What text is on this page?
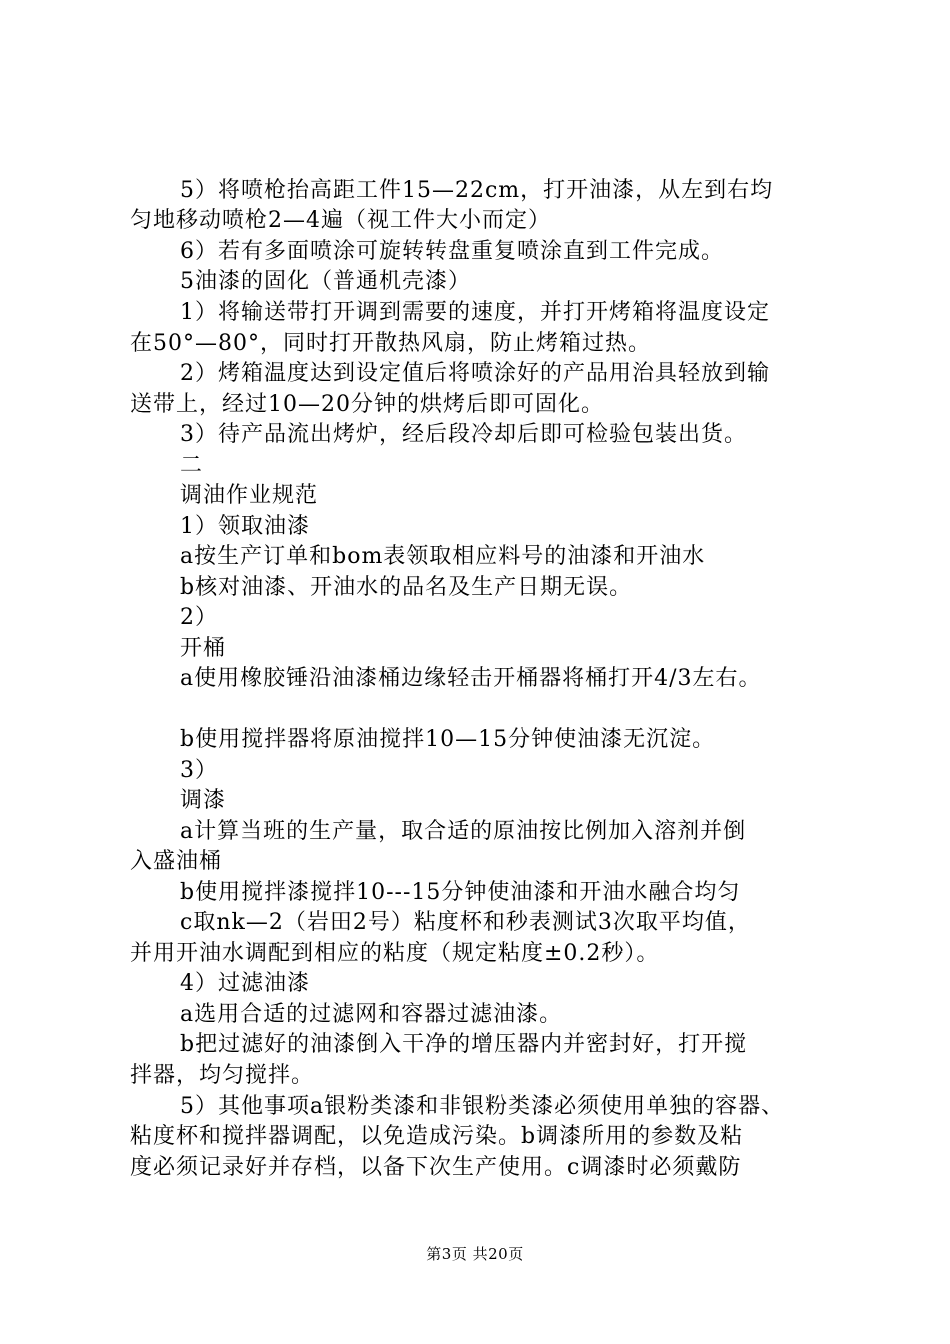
5）将喷枪抬高距工件15—22cm，打开油漆，从左到右均
匀地移动喷枪2—4遍（视工件大小而定）
6）若有多面喷涂可旋转转盘重复喷涂直到工件完成。
5油漆的固化（普通机壳漆）
1）将输送带打开调到需要的速度，并打开烤箱将温度设定
在50°—80°，同时打开散热风扇，防止烤箱过热。
2）烤箱温度达到设定值后将喷涂好的产品用治具轻放到输
送带上，经过10—20分钟的烘烤后即可固化。
3）待产品流出烤炉，经后段冷却后即可检验包装出货。
二
调油作业规范
1）领取油漆
a按生产订单和bom表领取相应料号的油漆和开油水
b核对油漆、开油水的品名及生产日期无误。
2）
开桶
a使用橡胶锤沿油漆桶边缘轻击开桶器将桶打开4/3左右。
b使用搅拌器将原油搅拌10—15分钟使油漆无沉淀。
3）
调漆
a计算当班的生产量，取合适的原油按比例加入溶剂并倒
入盛油桶
b使用搅拌漆搅拌10---15分钟使油漆和开油水融合均匀
c取nk—2（岩田2号）粘度杯和秒表测试3次取平均值，
并用开油水调配到相应的粘度（规定粘度±0.2秒）。
4）过滤油漆
a选用合适的过滤网和容器过滤油漆。
b把过滤好的油漆倒入干净的增压器内并密封好，打开搅
拌器，均匀搅拌。
5）其他事项a银粉类漆和非银粉类漆必须使用单独的容器、
粘度杯和搅拌器调配，以免造成污染。b调漆所用的参数及粘
度必须记录好并存档，以备下次生产使用。c调漆时必须戴防
第3页 共20页
